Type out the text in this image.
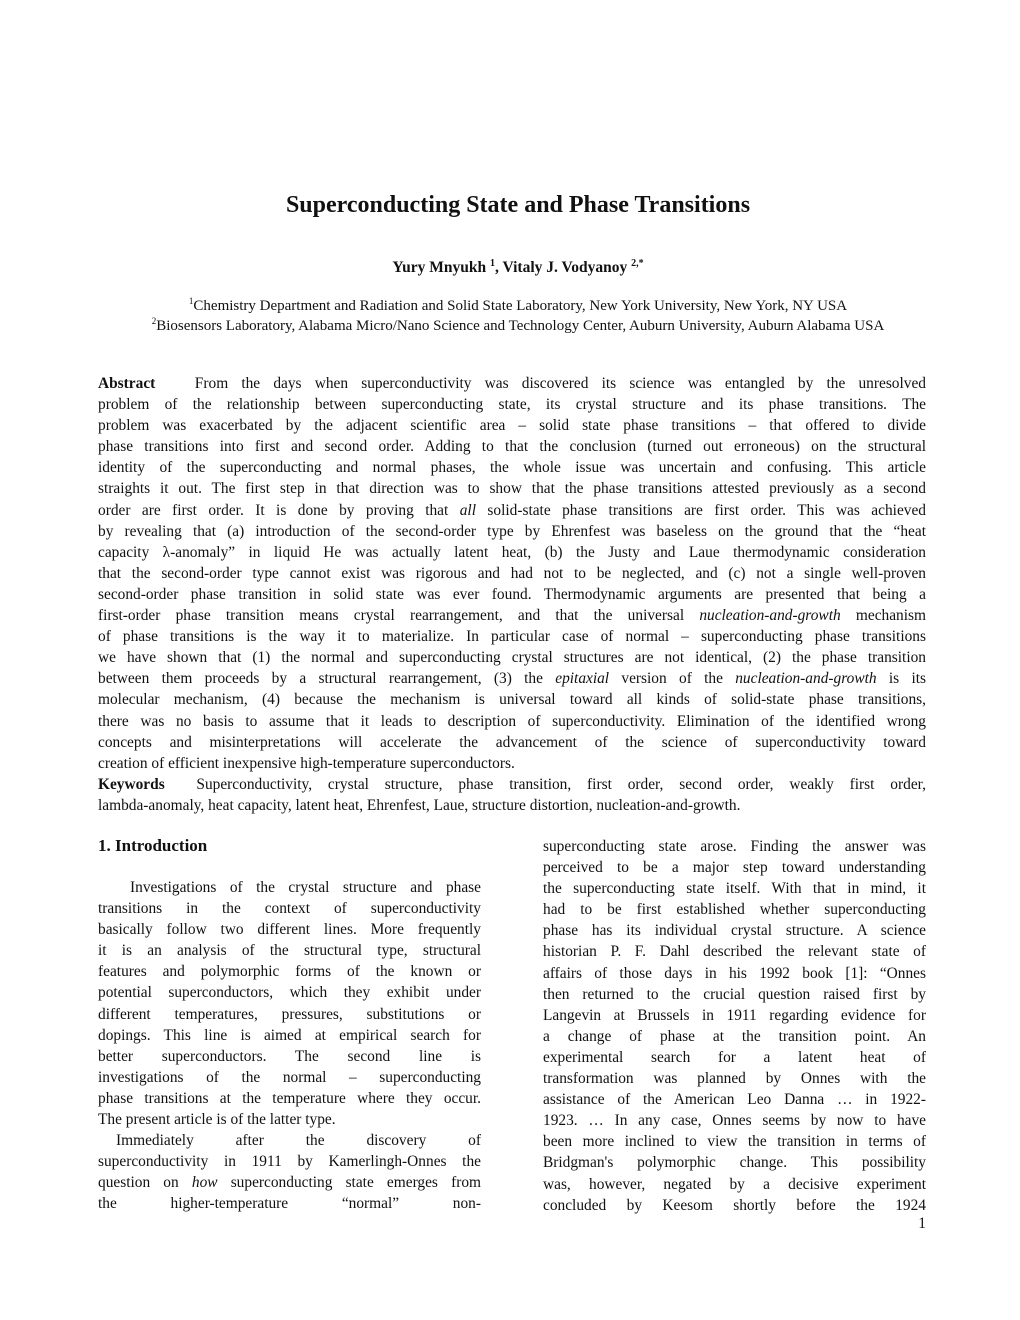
Superconducting State and Phase Transitions
Yury Mnyukh $^1$, Vitaly J. Vodyanoy $^{2,*}$
$^1$Chemistry Department and Radiation and Solid State Laboratory, New York University, New York, NY USA
$^2$Biosensors Laboratory, Alabama Micro/Nano Science and Technology Center, Auburn University, Auburn Alabama USA
Abstract   From the days when superconductivity was discovered its science was entangled by the unresolved
problem of the relationship between superconducting state, its crystal structure and its phase transitions. The
problem was exacerbated by the adjacent scientific area – solid state phase transitions – that offered to divide
phase transitions into first and second order. Adding to that the conclusion (turned out erroneous) on the structural
identity of the superconducting and normal phases, the whole issue was uncertain and confusing. This article
straights it out. The first step in that direction was to show that the phase transitions attested previously as a second
order are first order. It is done by proving that all solid-state phase transitions are first order. This was achieved
by revealing that (a) introduction of the second-order type by Ehrenfest was baseless on the ground that the “heat
capacity λ-anomaly” in liquid He was actually latent heat, (b) the Justy and Laue thermodynamic consideration
that the second-order type cannot exist was rigorous and had not to be neglected, and (c) not a single well-proven
second-order phase transition in solid state was ever found. Thermodynamic arguments are presented that being a
first-order phase transition means crystal rearrangement, and that the universal nucleation-and-growth mechanism
of phase transitions is the way it to materialize. In particular case of normal – superconducting phase transitions
we have shown that (1) the normal and superconducting crystal structures are not identical, (2) the phase transition
between them proceeds by a structural rearrangement, (3) the epitaxial version of the nucleation-and-growth is its
molecular mechanism, (4) because the mechanism is universal toward all kinds of solid-state phase transitions,
there was no basis to assume that it leads to description of superconductivity. Elimination of the identified wrong
concepts and misinterpretations will accelerate the advancement of the science of superconductivity toward
creation of efficient inexpensive high-temperature superconductors.
Keywords  Superconductivity, crystal structure, phase transition, first order, second order, weakly first order,
lambda-anomaly, heat capacity, latent heat, Ehrenfest, Laue, structure distortion, nucleation-and-growth.
1. Introduction
Investigations of the crystal structure and phase
transitions in the context of superconductivity
basically follow two different lines. More frequently
it is an analysis of the structural type, structural
features and polymorphic forms of the known or
potential superconductors, which they exhibit under
different temperatures, pressures, substitutions or
dopings. This line is aimed at empirical search for
better superconductors. The second line is
investigations of the normal – superconducting
phase transitions at the temperature where they occur.
The present article is of the latter type.
Immediately after the discovery of
superconductivity in 1911 by Kamerlingh-Onnes the
question on how superconducting state emerges from
the higher-temperature “normal” non-
superconducting state arose. Finding the answer was
perceived to be a major step toward understanding
the superconducting state itself. With that in mind, it
had to be first established whether superconducting
phase has its individual crystal structure. A science
historian P. F. Dahl described the relevant state of
affairs of those days in his 1992 book [1]: “Onnes
then returned to the crucial question raised first by
Langevin at Brussels in 1911 regarding evidence for
a change of phase at the transition point. An
experimental search for a latent heat of
transformation was planned by Onnes with the
assistance of the American Leo Danna … in 1922-
1923. … In any case, Onnes seems by now to have
been more inclined to view the transition in terms of
Bridgman's polymorphic change. This possibility
was, however, negated by a decisive experiment
concluded by Keesom shortly before the 1924
1
